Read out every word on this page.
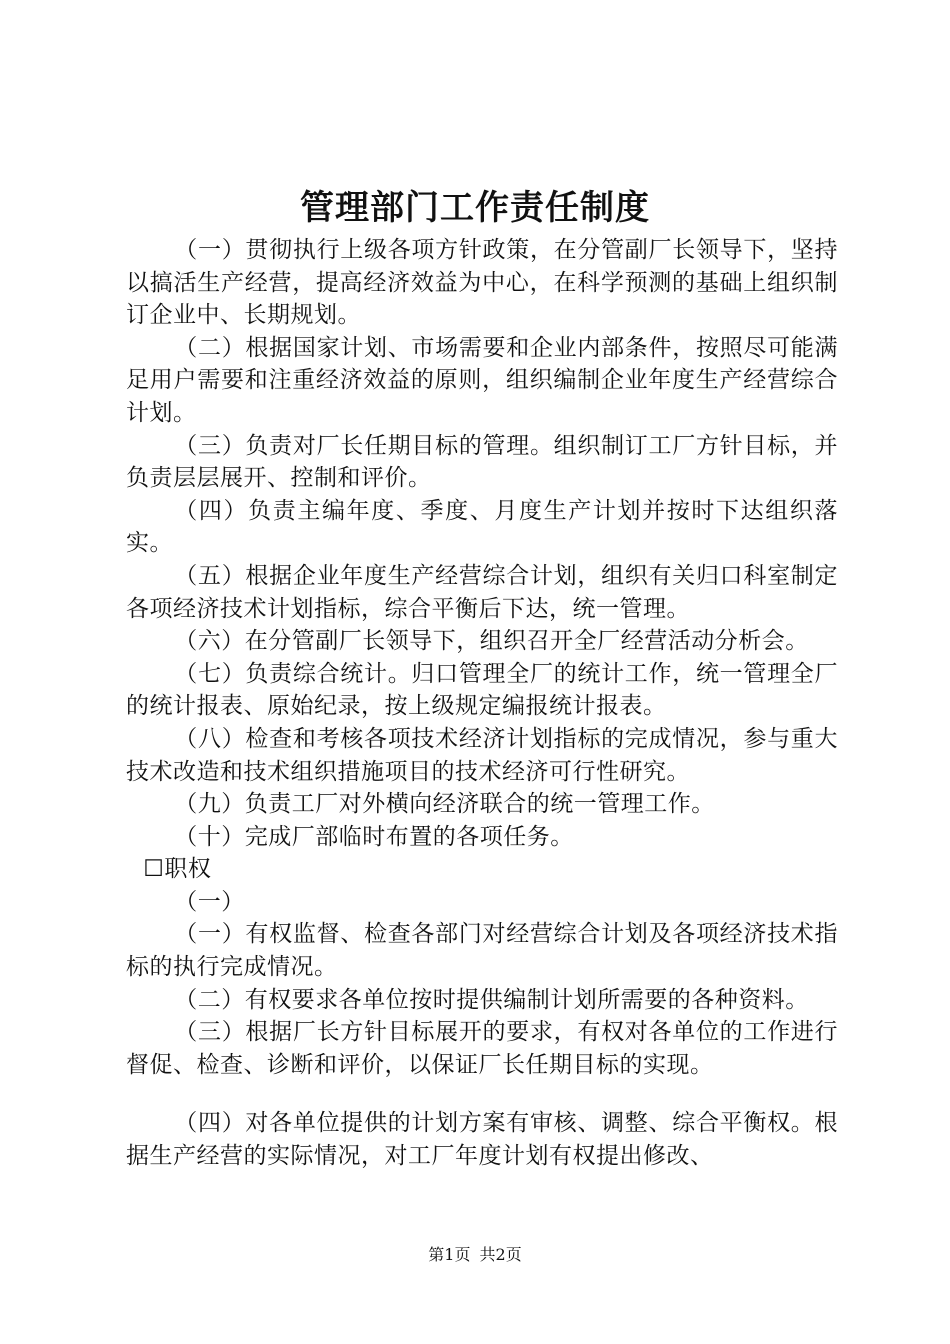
管理部门工作责任制度

（一）贯彻执行上级各项方针政策，在分管副厂长领导下，坚持以搞活生产经营，提高经济效益为中心，在科学预测的基础上组织制订企业中、长期规划。

（二）根据国家计划、市场需要和企业内部条件，按照尽可能满足用户需要和注重经济效益的原则，组织编制企业年度生产经营综合计划。

（三）负责对厂长任期目标的管理。组织制订工厂方针目标，并负责层层展开、控制和评价。

（四）负责主编年度、季度、月度生产计划并按时下达组织落实。

（五）根据企业年度生产经营综合计划，组织有关归口科室制定各项经济技术计划指标，综合平衡后下达，统一管理。

（六）在分管副厂长领导下，组织召开全厂经营活动分析会。

（七）负责综合统计。归口管理全厂的统计工作，统一管理全厂的统计报表、原始纪录，按上级规定编报统计报表。

（八）检查和考核各项技术经济计划指标的完成情况，参与重大技术改造和技术组织措施项目的技术经济可行性研究。

（九）负责工厂对外横向经济联合的统一管理工作。

（十）完成厂部临时布置的各项任务。

☐职权

（一）

（一）有权监督、检查各部门对经营综合计划及各项经济技术指标的执行完成情况。

（二）有权要求各单位按时提供编制计划所需要的各种资料。

（三）根据厂长方针目标展开的要求，有权对各单位的工作进行督促、检查、诊断和评价，以保证厂长任期目标的实现。

（四）对各单位提供的计划方案有审核、调整、综合平衡权。根据生产经营的实际情况，对工厂年度计划有权提出修改、

第1页 共2页
